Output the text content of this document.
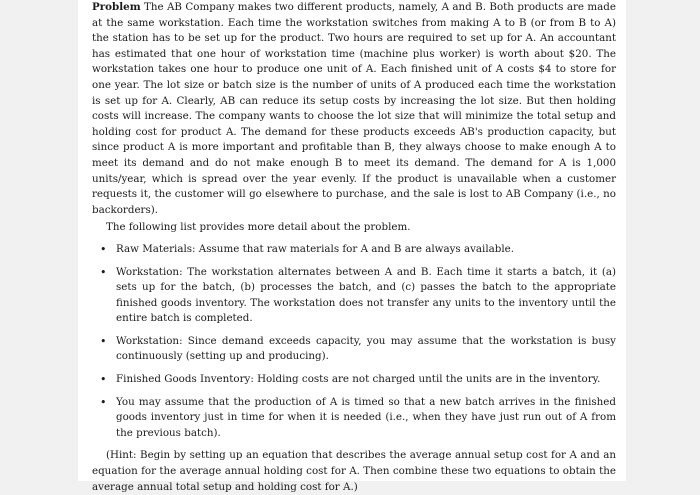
Problem The AB Company makes two different products, namely, A and B. Both products are made at the same workstation. Each time the workstation switches from making A to B (or from B to A) the station has to be set up for the product. Two hours are required to set up for A. An accountant has estimated that one hour of workstation time (machine plus worker) is worth about $20. The workstation takes one hour to produce one unit of A. Each finished unit of A costs $4 to store for one year. The lot size or batch size is the number of units of A produced each time the workstation is set up for A. Clearly, AB can reduce its setup costs by increasing the lot size. But then holding costs will increase. The company wants to choose the lot size that will minimize the total setup and holding cost for product A. The demand for these products exceeds AB's production capacity, but since product A is more important and profitable than B, they always choose to make enough A to meet its demand and do not make enough B to meet its demand. The demand for A is 1,000 units/year, which is spread over the year evenly. If the product is unavailable when a customer requests it, the customer will go elsewhere to purchase, and the sale is lost to AB Company (i.e., no backorders).

The following list provides more detail about the problem.

• Raw Materials: Assume that raw materials for A and B are always available.
• Workstation: The workstation alternates between A and B. Each time it starts a batch, it (a) sets up for the batch, (b) processes the batch, and (c) passes the batch to the appropriate finished goods inventory. The workstation does not transfer any units to the inventory until the entire batch is completed.
• Workstation: Since demand exceeds capacity, you may assume that the workstation is busy continuously (setting up and producing).
• Finished Goods Inventory: Holding costs are not charged until the units are in the inventory.
• You may assume that the production of A is timed so that a new batch arrives in the finished goods inventory just in time for when it is needed (i.e., when they have just run out of A from the previous batch).

(Hint: Begin by setting up an equation that describes the average annual setup cost for A and an equation for the average annual holding cost for A. Then combine these two equations to obtain the average annual total setup and holding cost for A.)
